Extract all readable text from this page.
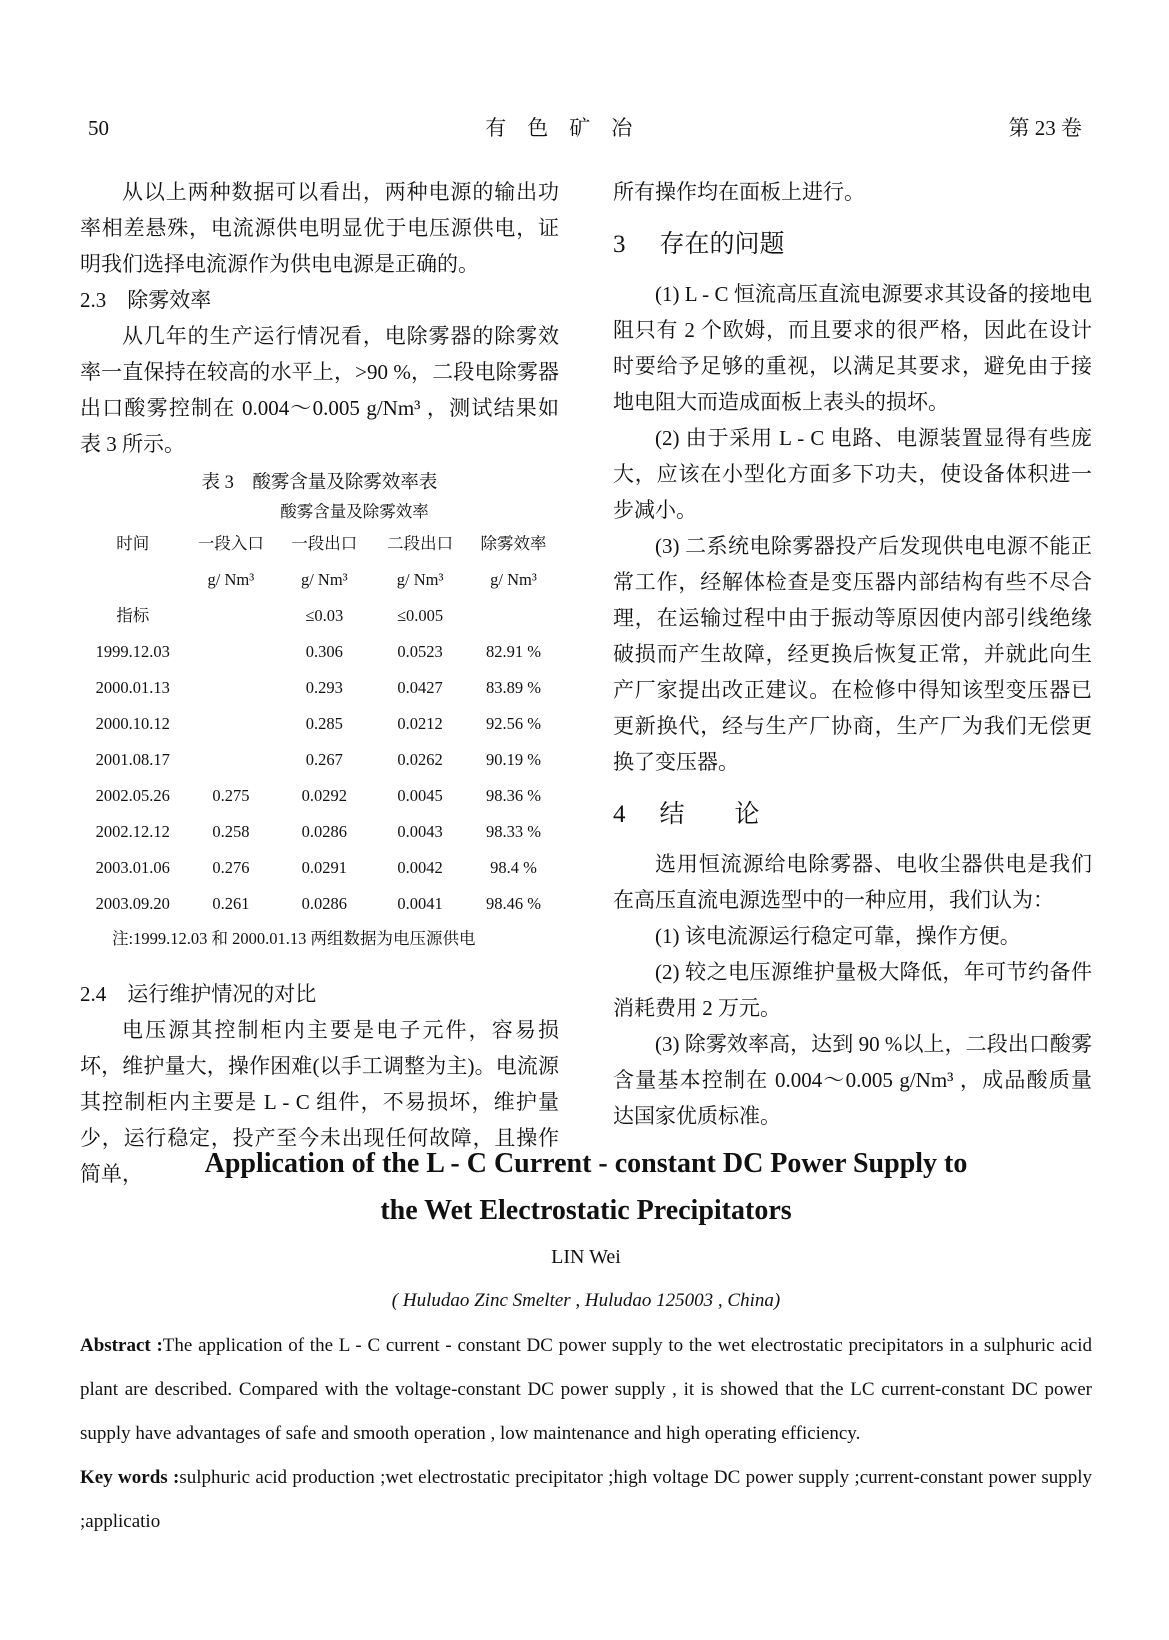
50	有　色　矿　冶	第 23 卷

从以上两种数据可以看出，两种电源的输出功率相差悬殊，电流源供电明显优于电压源供电，证明我们选择电流源作为供电电源是正确的。

2.3　除雾效率

从几年的生产运行情况看，电除雾器的除雾效率一直保持在较高的水平上，>90 %，二段电除雾器出口酸雾控制在 0.004～0.005 g/Nm³ ，测试结果如表 3 所示。

表 3　酸雾含量及除雾效率表
酸雾含量及除雾效率
时间	一段入口	一段出口	二段出口	除雾效率
	g/ Nm³	g/ Nm³	g/ Nm³	g/ Nm³
指标		≤0.03	≤0.005	
1999.12.03		0.306	0.0523	82.91 %
2000.01.13		0.293	0.0427	83.89 %
2000.10.12		0.285	0.0212	92.56 %
2001.08.17		0.267	0.0262	90.19 %
2002.05.26	0.275	0.0292	0.0045	98.36 %
2002.12.12	0.258	0.0286	0.0043	98.33 %
2003.01.06	0.276	0.0291	0.0042	98.4 %
2003.09.20	0.261	0.0286	0.0041	98.46 %

注:1999.12.03 和 2000.01.13 两组数据为电压源供电

2.4　运行维护情况的对比

电压源其控制柜内主要是电子元件，容易损坏，维护量大，操作困难(以手工调整为主)。电流源其控制柜内主要是 L - C 组件，不易损坏，维护量少，运行稳定，投产至今未出现任何故障，且操作简单，

所有操作均在面板上进行。

3 存在的问题

(1) L - C 恒流高压直流电源要求其设备的接地电阻只有 2 个欧姆，而且要求的很严格，因此在设计时要给予足够的重视，以满足其要求，避免由于接地电阻大而造成面板上表头的损坏。

(2) 由于采用 L - C 电路、电源装置显得有些庞大，应该在小型化方面多下功夫，使设备体积进一步减小。

(3) 二系统电除雾器投产后发现供电电源不能正常工作，经解体检查是变压器内部结构有些不尽合理，在运输过程中由于振动等原因使内部引线绝缘破损而产生故障，经更换后恢复正常，并就此向生产厂家提出改正建议。在检修中得知该型变压器已更新换代，经与生产厂协商，生产厂为我们无偿更换了变压器。

4 结　　论

选用恒流源给电除雾器、电收尘器供电是我们在高压直流电源选型中的一种应用，我们认为：

(1) 该电流源运行稳定可靠，操作方便。

(2) 较之电压源维护量极大降低，年可节约备件消耗费用 2 万元。

(3) 除雾效率高，达到 90 %以上，二段出口酸雾含量基本控制在 0.004～0.005 g/Nm³ ，成品酸质量达国家优质标准。

Application of the L - C Current - constant DC Power Supply to

the Wet Electrostatic Precipitators

LIN Wei

( Huludao Zinc Smelter , Huludao 125003 , China)

Abstract :The application of the L - C current - constant DC power supply to the wet electrostatic precipitators in a sulphuric acid plant are described. Compared with the voltage-constant DC power supply , it is showed that the LC current-constant DC power supply have advantages of safe and smooth operation , low maintenance and high operating efficiency.

Key words :sulphuric acid production ;wet electrostatic precipitator ;high voltage DC power supply ;current-constant power supply ;applicatio
